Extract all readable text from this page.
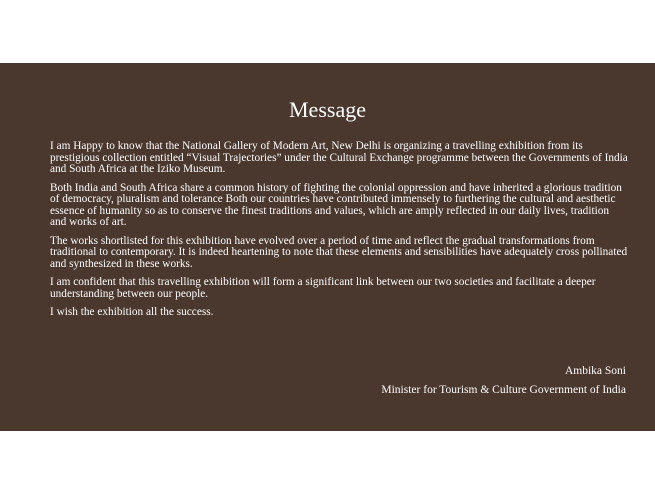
Message

I am Happy to know that the National Gallery of Modern Art, New Delhi is organizing a travelling exhibition from its prestigious collection entitled “Visual Trajectories” under the Cultural Exchange programme between the Governments of India and South Africa at the Iziko Museum.

Both India and South Africa share a common history of fighting the colonial oppression and have inherited a glorious tradition of democracy, pluralism and tolerance Both our countries have contributed immensely to furthering the cultural and aesthetic essence of humanity so as to conserve the finest traditions and values, which are amply reflected in our daily lives, tradition and works of art.

The works shortlisted for this exhibition have evolved over a period of time and reflect the gradual transformations from traditional to contemporary. It is indeed heartening to note that these elements and sensibilities have adequately cross pollinated and synthesized in these works.

I am confident that this travelling exhibition will form a significant link between our two societies and facilitate a deeper understanding between our people.

I wish the exhibition all the success.

Ambika Soni
Minister for Tourism & Culture Government of India
